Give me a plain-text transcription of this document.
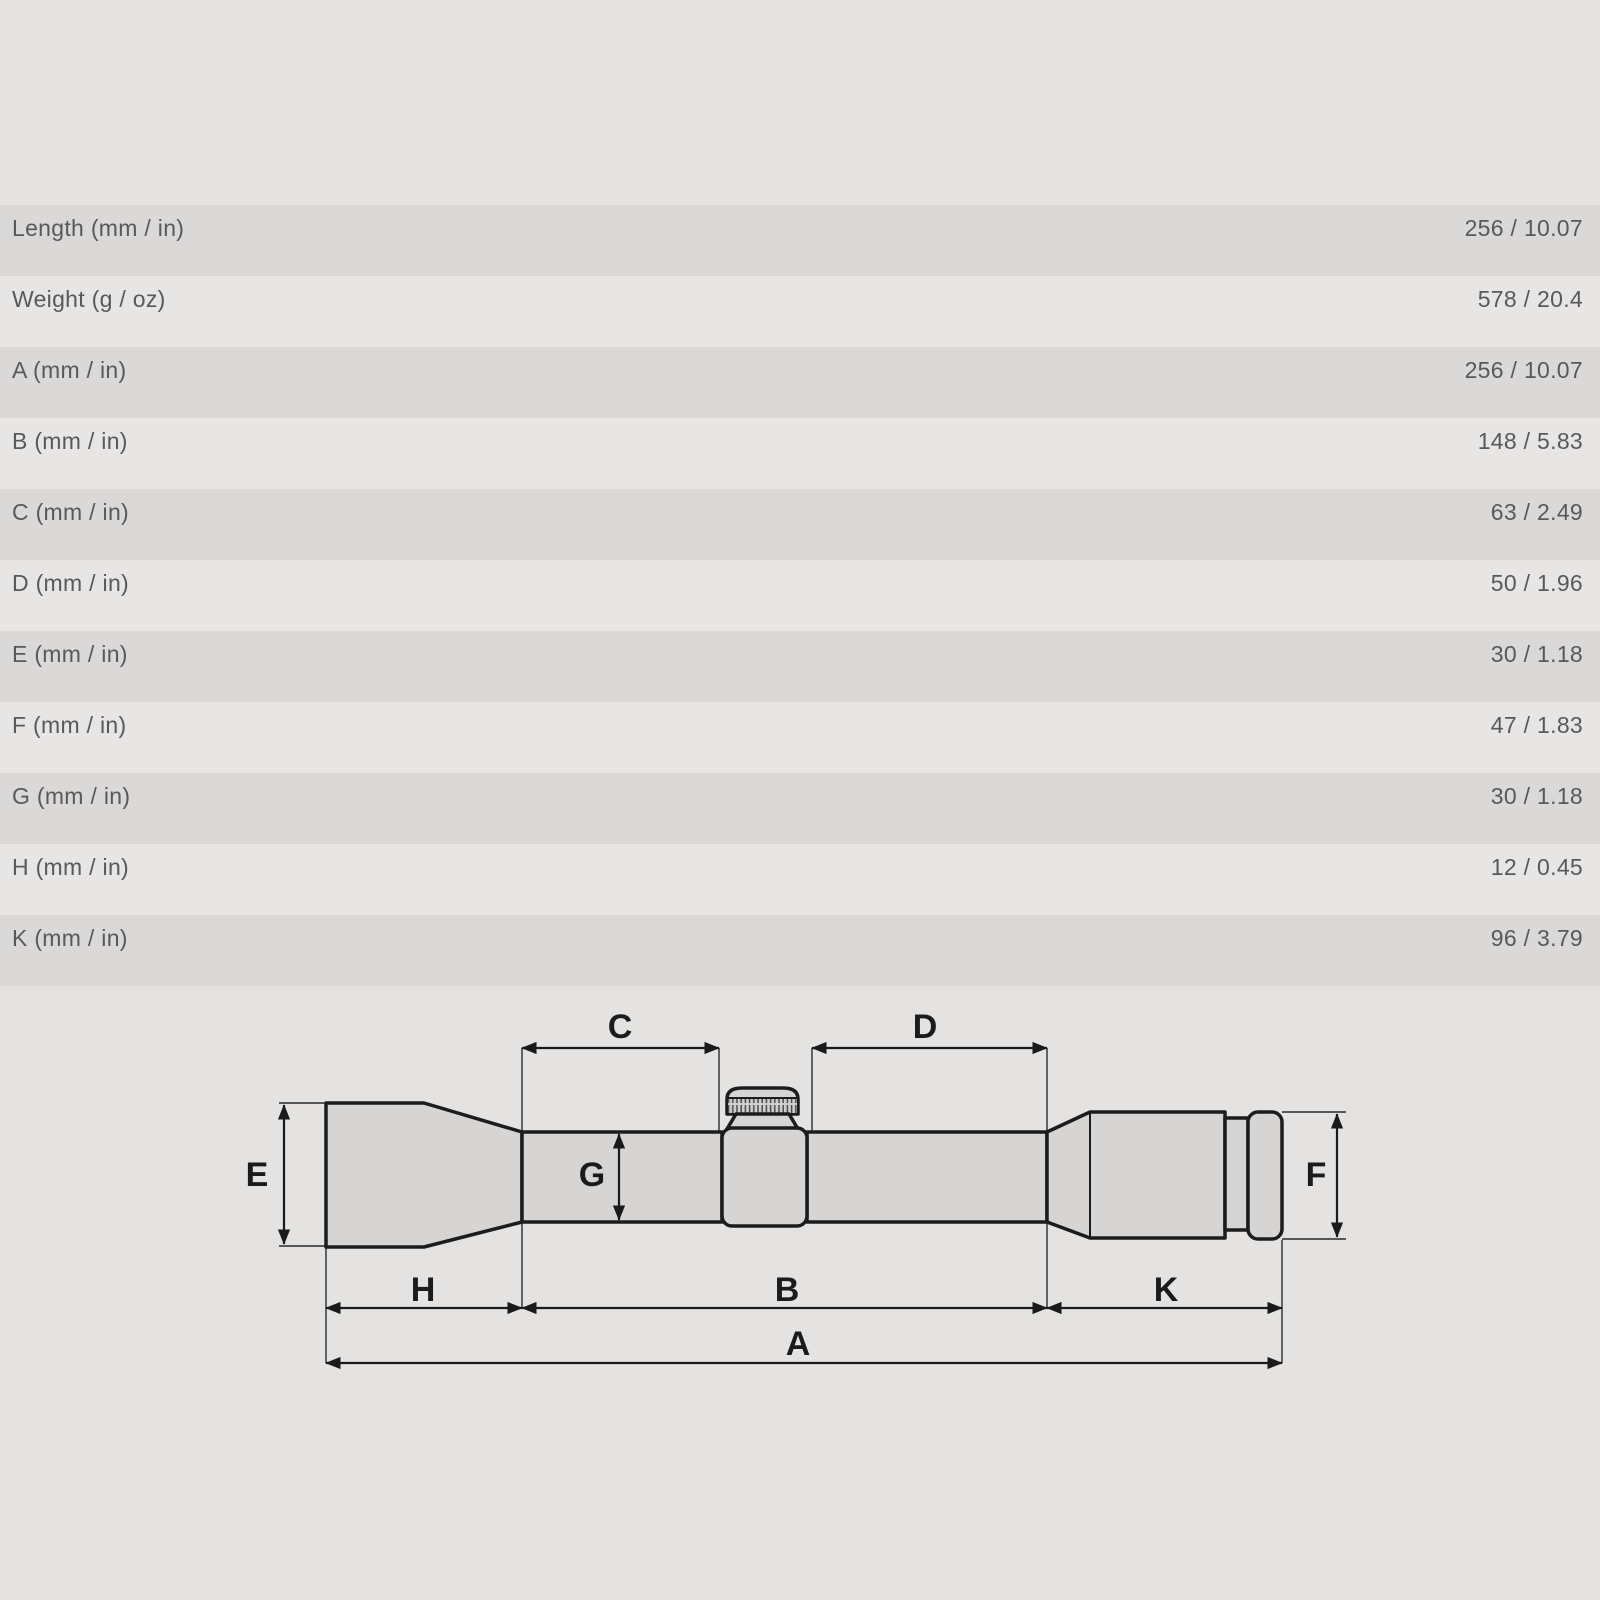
Length (mm / in)	256 / 10.07
Weight (g / oz)	578 / 20.4
A (mm / in)	256 / 10.07
B (mm / in)	148 / 5.83
C (mm / in)	63 / 2.49
D (mm / in)	50 / 1.96
E (mm / in)	30 / 1.18
F (mm / in)	47 / 1.83
G (mm / in)	30 / 1.18
H (mm / in)	12 / 0.45
K (mm / in)	96 / 3.79
C	D
E	G	F
H	B	K
A
